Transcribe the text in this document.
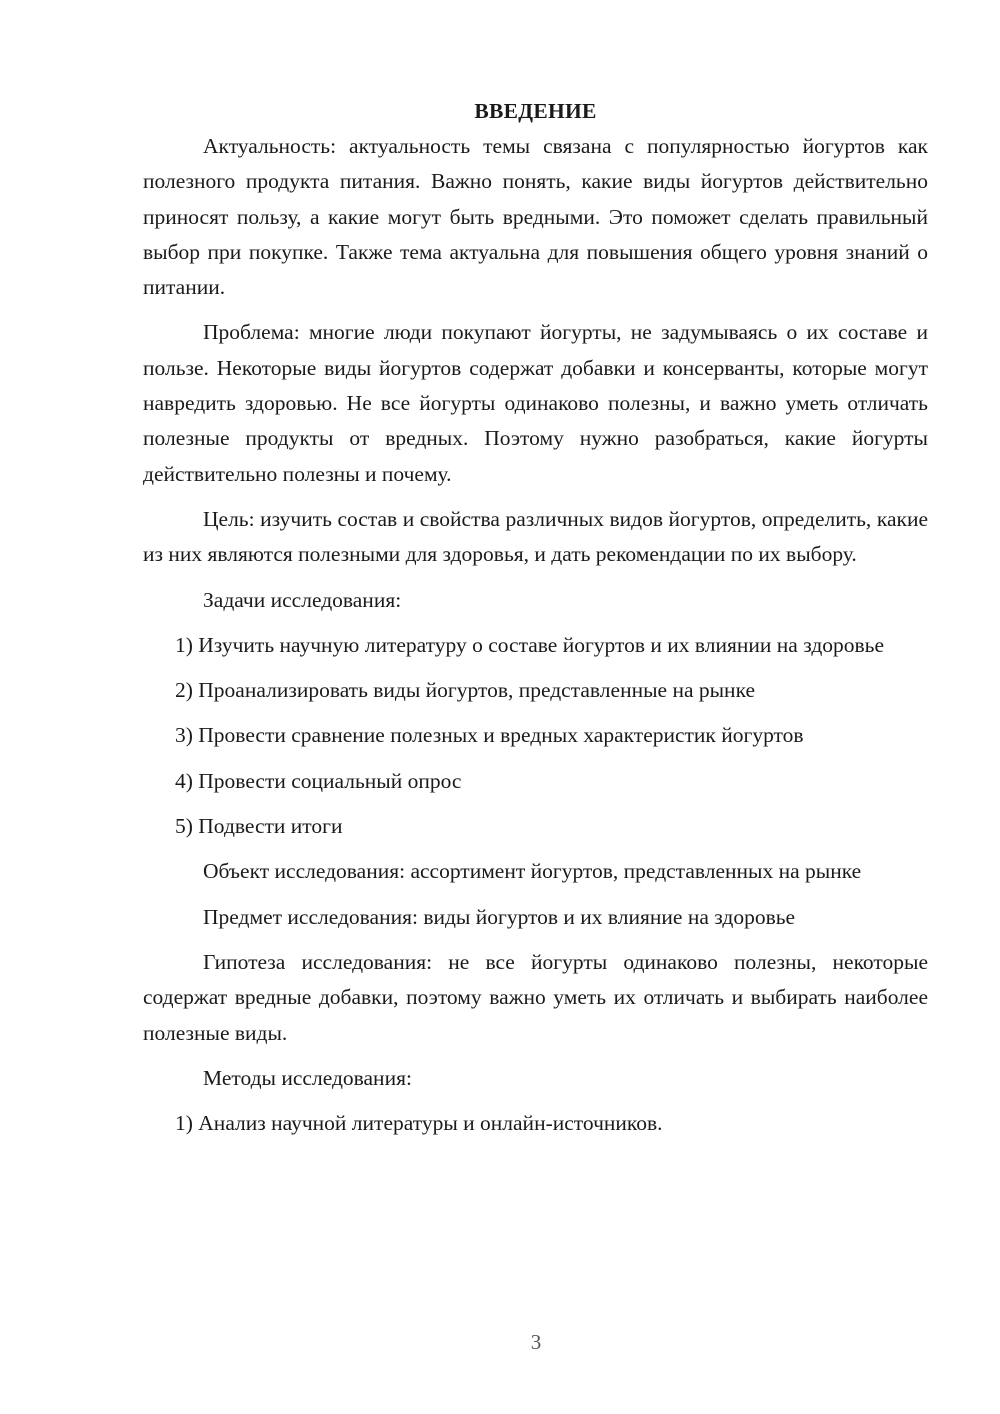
ВВЕДЕНИЕ

Актуальность: актуальность темы связана с популярностью йогуртов как полезного продукта питания. Важно понять, какие виды йогуртов действительно приносят пользу, а какие могут быть вредными. Это поможет сделать правильный выбор при покупке. Также тема актуальна для повышения общего уровня знаний о питании.

Проблема: многие люди покупают йогурты, не задумываясь о их составе и пользе. Некоторые виды йогуртов содержат добавки и консерванты, которые могут навредить здоровью. Не все йогурты одинаково полезны, и важно уметь отличать полезные продукты от вредных. Поэтому нужно разобраться, какие йогурты действительно полезны и почему.

Цель: изучить состав и свойства различных видов йогуртов, определить, какие из них являются полезными для здоровья, и дать рекомендации по их выбору.

Задачи исследования:

1) Изучить научную литературу о составе йогуртов и их влиянии на здоровье

2) Проанализировать виды йогуртов, представленные на рынке

3) Провести сравнение полезных и вредных характеристик йогуртов

4) Провести социальный опрос

5) Подвести итоги

Объект исследования: ассортимент йогуртов, представленных на рынке

Предмет исследования: виды йогуртов и их влияние на здоровье

Гипотеза исследования: не все йогурты одинаково полезны, некоторые содержат вредные добавки, поэтому важно уметь их отличать и выбирать наиболее полезные виды.

Методы исследования:

1) Анализ научной литературы и онлайн-источников.

3
